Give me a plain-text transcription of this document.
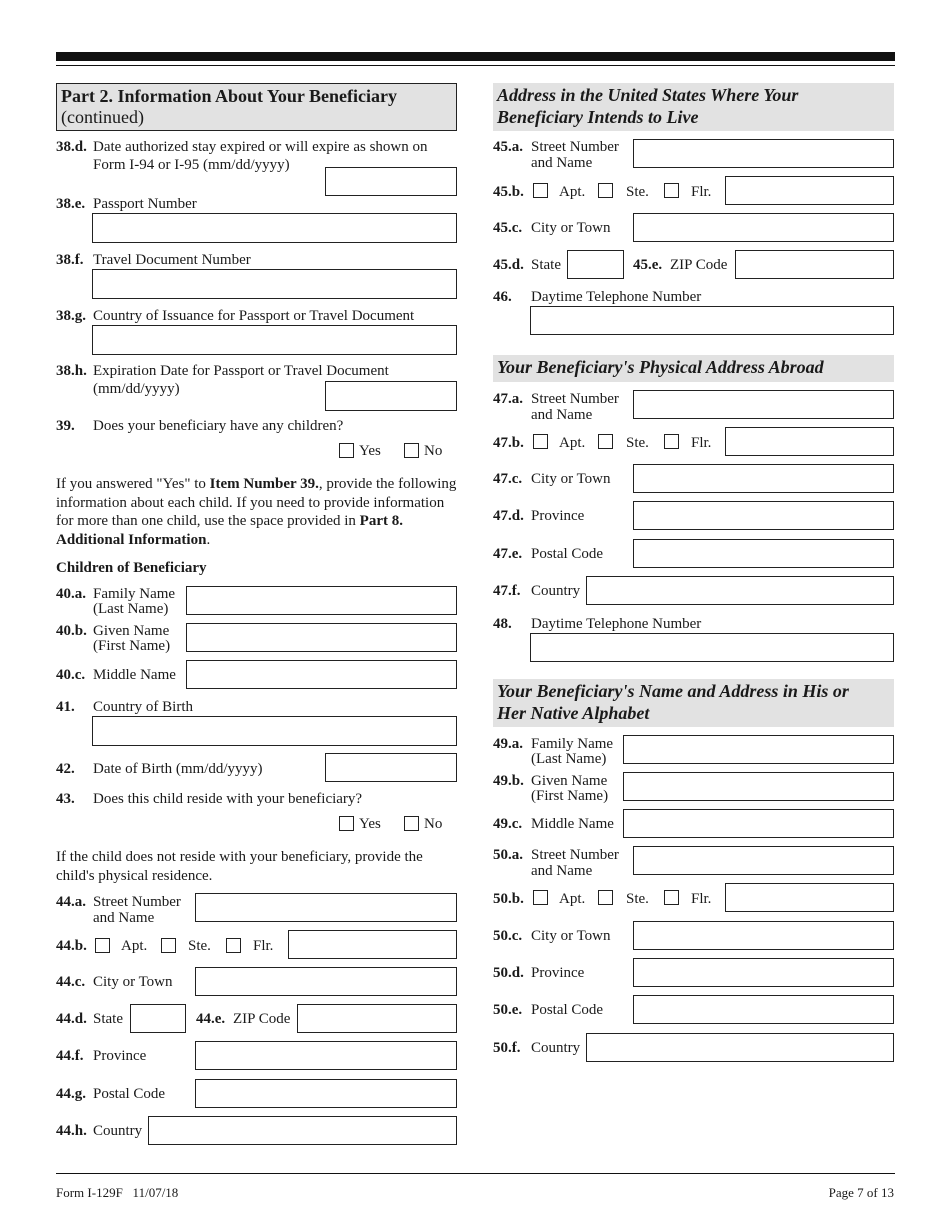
Part 2. Information About Your Beneficiary
(continued)
38.d. Date authorized stay expired or will expire as shown on
Form I-94 or I-95 (mm/dd/yyyy)
38.e. Passport Number
38.f. Travel Document Number
38.g. Country of Issuance for Passport or Travel Document
38.h. Expiration Date for Passport or Travel Document
(mm/dd/yyyy)
39. Does your beneficiary have any children?
Yes	No
If you answered "Yes" to Item Number 39., provide the following information about each child. If you need to provide information for more than one child, use the space provided in Part 8. Additional Information.
Children of Beneficiary
40.a. Family Name
(Last Name)
40.b. Given Name
(First Name)
40.c. Middle Name
41. Country of Birth
42. Date of Birth (mm/dd/yyyy)
43. Does this child reside with your beneficiary?
Yes	No
If the child does not reside with your beneficiary, provide the child's physical residence.
44.a. Street Number
and Name
44.b. Apt.	Ste.	Flr.
44.c. City or Town
44.d. State	44.e. ZIP Code
44.f. Province
44.g. Postal Code
44.h. Country
Address in the United States Where Your
Beneficiary Intends to Live
45.a. Street Number
and Name
45.b. Apt.	Ste.	Flr.
45.c. City or Town
45.d. State	45.e. ZIP Code
46. Daytime Telephone Number
Your Beneficiary's Physical Address Abroad
47.a. Street Number
and Name
47.b. Apt.	Ste.	Flr.
47.c. City or Town
47.d. Province
47.e. Postal Code
47.f. Country
48. Daytime Telephone Number
Your Beneficiary's Name and Address in His or
Her Native Alphabet
49.a. Family Name
(Last Name)
49.b. Given Name
(First Name)
49.c. Middle Name
50.a. Street Number
and Name
50.b. Apt.	Ste.	Flr.
50.c. City or Town
50.d. Province
50.e. Postal Code
50.f. Country
Form I-129F   11/07/18	Page 7 of 13
